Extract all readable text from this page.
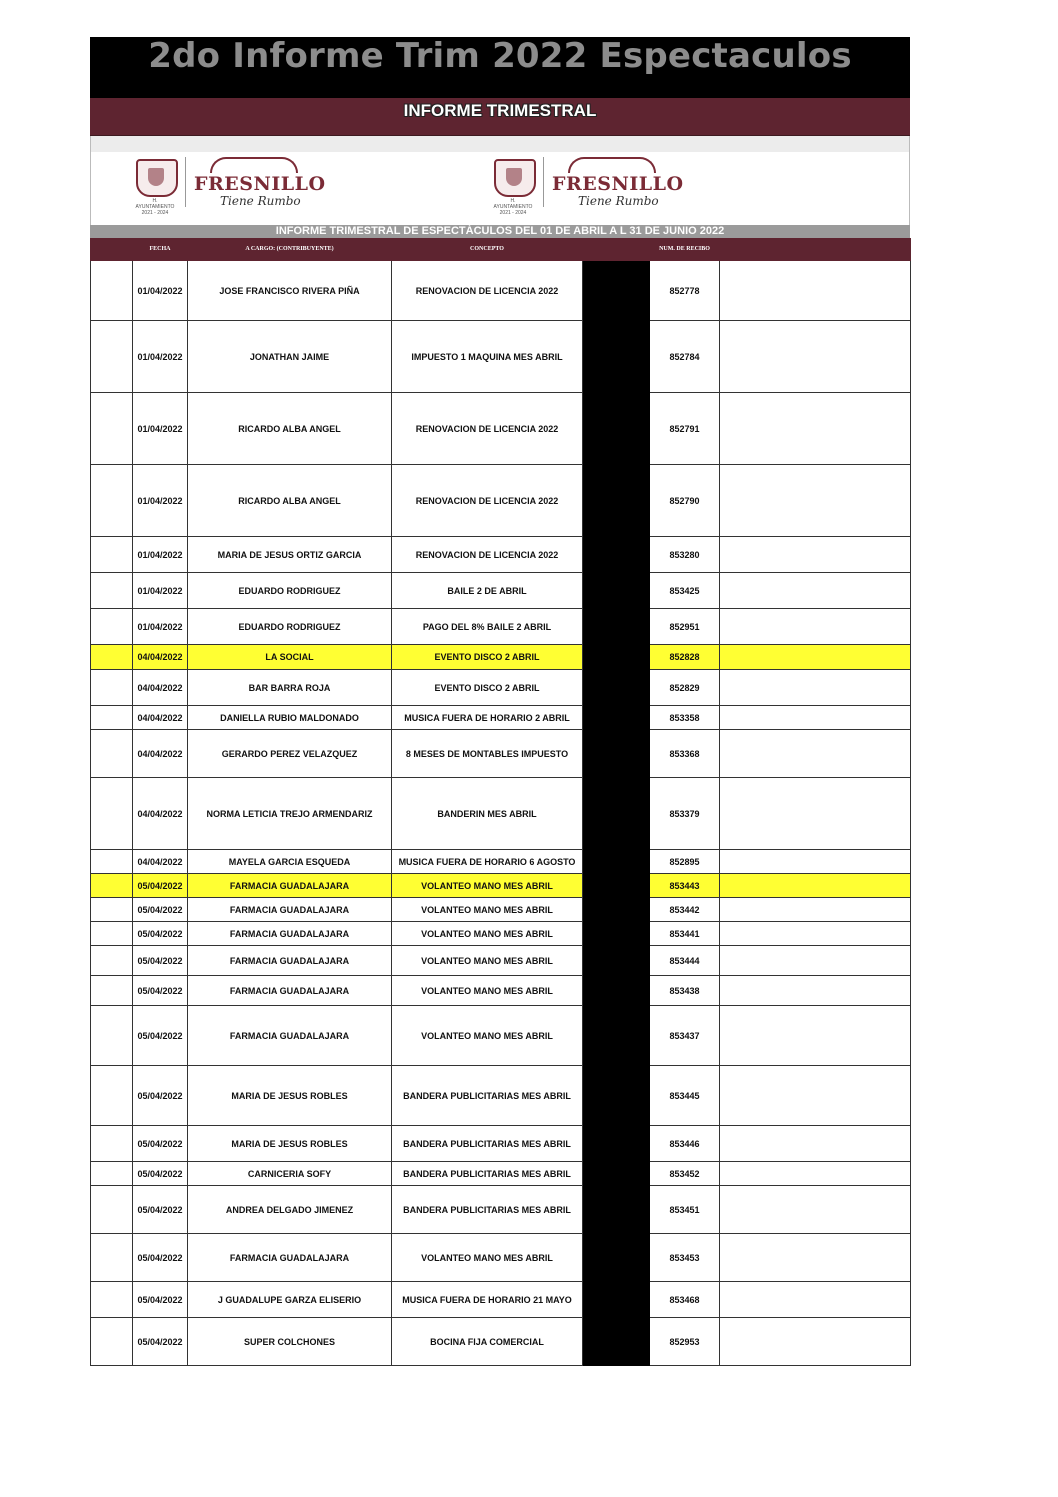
2do Informe Trim 2022 Espectaculos
INFORME TRIMESTRAL
H. AYUNTAMIENTO 2021 - 2024
FRESNILLO
Tiene Rumbo	H. AYUNTAMIENTO 2021 - 2024
FRESNILLO
Tiene Rumbo
INFORME TRIMESTRAL DE ESPECTÁCULOS DEL 01 DE ABRIL A L 31 DE JUNIO 2022
	FECHA	A CARGO: (CONTRIBUYENTE)	CONCEPTO		NUM. DE RECIBO	
	01/04/2022	JOSE FRANCISCO RIVERA PIÑA	RENOVACION DE LICENCIA 2022		852778	
	01/04/2022	JONATHAN JAIME	IMPUESTO 1 MAQUINA MES ABRIL		852784	
	01/04/2022	RICARDO ALBA ANGEL	RENOVACION DE LICENCIA 2022		852791	
	01/04/2022	RICARDO ALBA ANGEL	RENOVACION DE LICENCIA 2022		852790	
	01/04/2022	MARIA DE JESUS ORTIZ GARCIA	RENOVACION DE LICENCIA 2022		853280	
	01/04/2022	EDUARDO RODRIGUEZ	BAILE 2 DE ABRIL		853425	
	01/04/2022	EDUARDO RODRIGUEZ	PAGO DEL 8% BAILE 2 ABRIL		852951	
	04/04/2022	LA SOCIAL	EVENTO DISCO 2 ABRIL		852828	
	04/04/2022	BAR BARRA ROJA	EVENTO DISCO 2 ABRIL		852829	
	04/04/2022	DANIELLA RUBIO MALDONADO	MUSICA FUERA DE HORARIO 2 ABRIL		853358	
	04/04/2022	GERARDO PEREZ VELAZQUEZ	8 MESES DE MONTABLES IMPUESTO		853368	
	04/04/2022	NORMA LETICIA TREJO ARMENDARIZ	BANDERIN MES ABRIL		853379	
	04/04/2022	MAYELA GARCIA ESQUEDA	MUSICA FUERA DE HORARIO 6 AGOSTO		852895	
	05/04/2022	FARMACIA GUADALAJARA	VOLANTEO MANO MES ABRIL		853443	
	05/04/2022	FARMACIA GUADALAJARA	VOLANTEO MANO MES ABRIL		853442	
	05/04/2022	FARMACIA GUADALAJARA	VOLANTEO MANO MES ABRIL		853441	
	05/04/2022	FARMACIA GUADALAJARA	VOLANTEO MANO MES ABRIL		853444	
	05/04/2022	FARMACIA GUADALAJARA	VOLANTEO MANO MES ABRIL		853438	
	05/04/2022	FARMACIA GUADALAJARA	VOLANTEO MANO MES ABRIL		853437	
	05/04/2022	MARIA DE JESUS ROBLES	BANDERA PUBLICITARIAS MES ABRIL		853445	
	05/04/2022	MARIA DE JESUS ROBLES	BANDERA PUBLICITARIAS MES ABRIL		853446	
	05/04/2022	CARNICERIA SOFY	BANDERA PUBLICITARIAS MES ABRIL		853452	
	05/04/2022	ANDREA DELGADO JIMENEZ	BANDERA PUBLICITARIAS MES ABRIL		853451	
	05/04/2022	FARMACIA GUADALAJARA	VOLANTEO MANO MES ABRIL		853453	
	05/04/2022	J GUADALUPE GARZA ELISERIO	MUSICA FUERA DE HORARIO 21 MAYO		853468	
	05/04/2022	SUPER COLCHONES	BOCINA FIJA COMERCIAL		852953	
